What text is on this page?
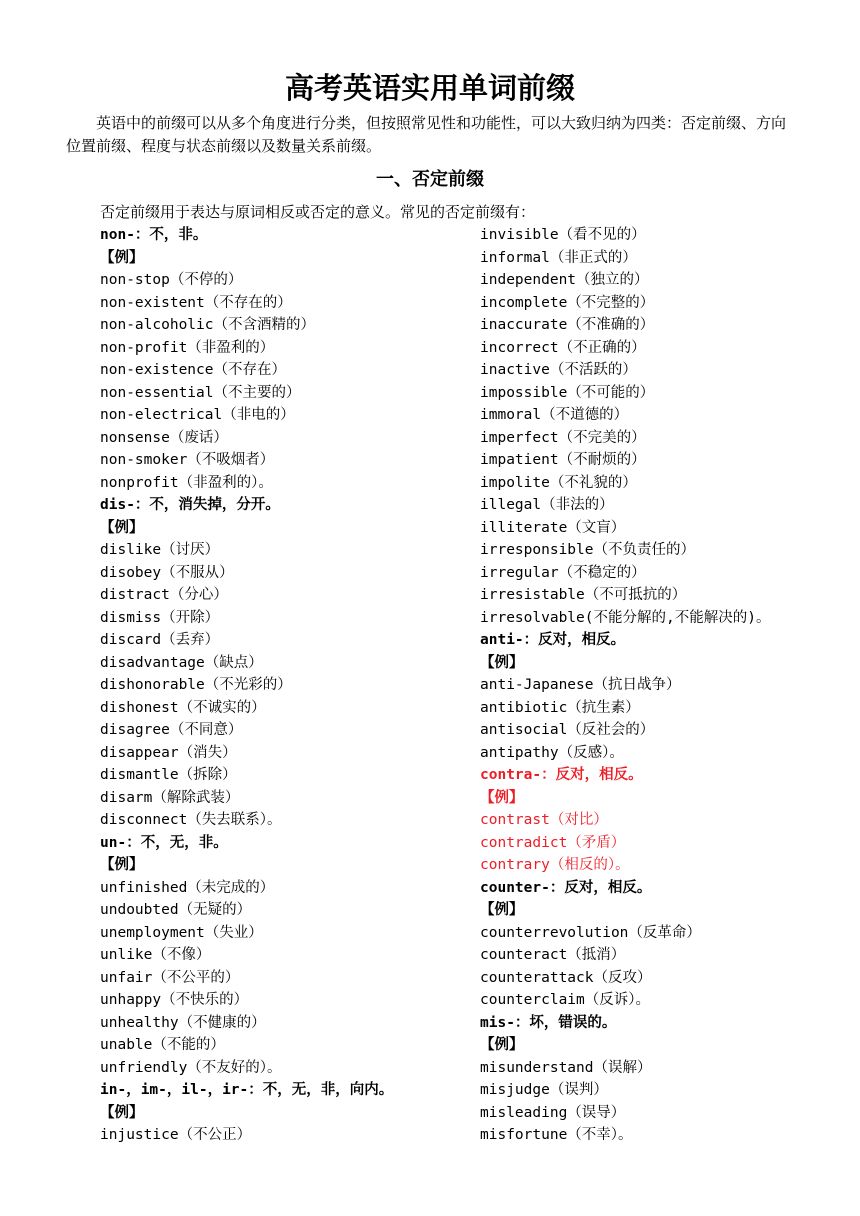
高考英语实用单词前缀

英语中的前缀可以从多个角度进行分类，但按照常见性和功能性，可以大致归纳为四类：否定前缀、方向位置前缀、程度与状态前缀以及数量关系前缀。

一、否定前缀

否定前缀用于表达与原词相反或否定的意义。常见的否定前缀有：

non-：不，非。
【例】
non-stop（不停的）
non-existent（不存在的）
non-alcoholic（不含酒精的）
non-profit（非盈利的）
non-existence（不存在）
non-essential（不主要的）
non-electrical（非电的）
nonsense（废话）
non-smoker（不吸烟者）
nonprofit（非盈利的）。
dis-：不，消失掉，分开。
【例】
dislike（讨厌）
disobey（不服从）
distract（分心）
dismiss（开除）
discard（丢弃）
disadvantage（缺点）
dishonorable（不光彩的）
dishonest（不诚实的）
disagree（不同意）
disappear（消失）
dismantle（拆除）
disarm（解除武装）
disconnect（失去联系）。
un-：不，无，非。
【例】
unfinished（未完成的）
undoubted（无疑的）
unemployment（失业）
unlike（不像）
unfair（不公平的）
unhappy（不快乐的）
unhealthy（不健康的）
unable（不能的）
unfriendly（不友好的）。
in-，im-，il-，ir-：不，无，非，向内。
【例】
injustice（不公正）
invisible（看不见的）
informal（非正式的）
independent（独立的）
incomplete（不完整的）
inaccurate（不准确的）
incorrect（不正确的）
inactive（不活跃的）
impossible（不可能的）
immoral（不道德的）
imperfect（不完美的）
impatient（不耐烦的）
impolite（不礼貌的）
illegal（非法的）
illiterate（文盲）
irresponsible（不负责任的）
irregular（不稳定的）
irresistable（不可抵抗的）
irresolvable(不能分解的,不能解决的)。
anti-：反对，相反。
【例】
anti-Japanese（抗日战争）
antibiotic（抗生素）
antisocial（反社会的）
antipathy（反感）。
contra-：反对，相反。
【例】
contrast（对比）
contradict（矛盾）
contrary（相反的）。
counter-：反对，相反。
【例】
counterrevolution（反革命）
counteract（抵消）
counterattack（反攻）
counterclaim（反诉）。
mis-：坏，错误的。
【例】
misunderstand（误解）
misjudge（误判）
misleading（误导）
misfortune（不幸）。
